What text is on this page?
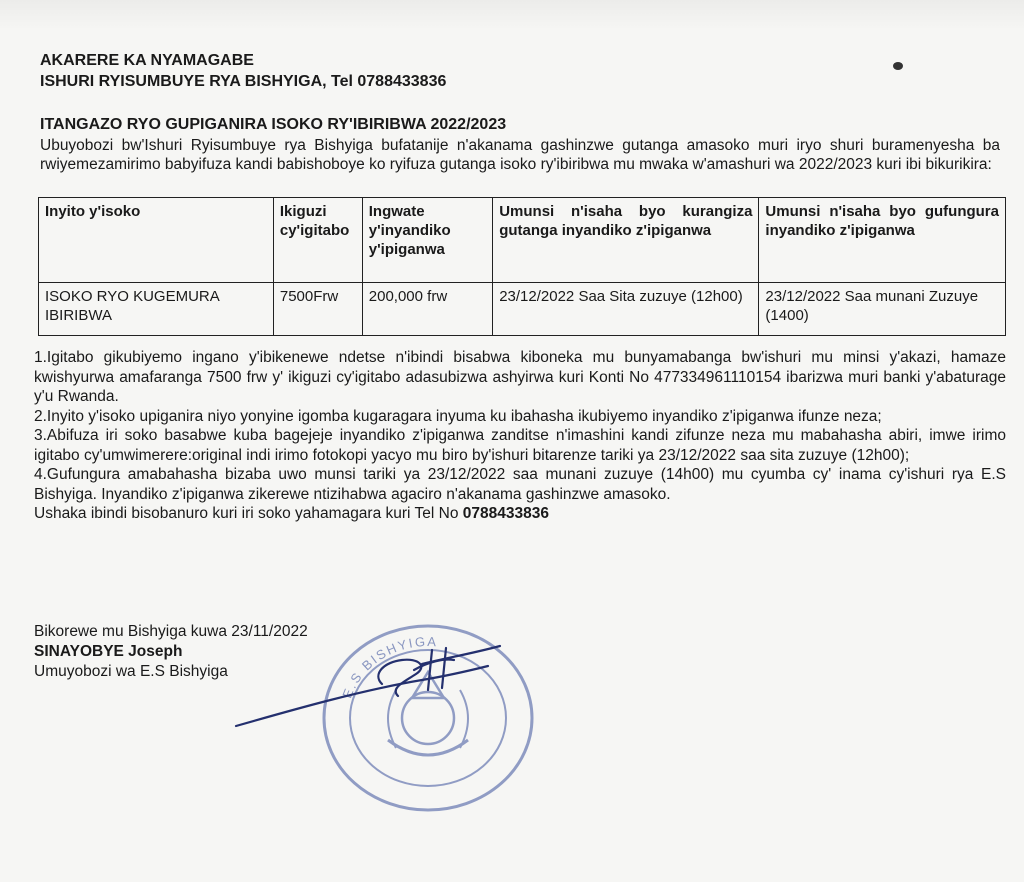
AKARERE KA NYAMAGABE
ISHURI RYISUMBUYE RYA BISHYIGA, Tel 0788433836
ITANGAZO RYO GUPIGANIRA ISOKO RY'IBIRIBWA 2022/2023
Ubuyobozi bw'Ishuri Ryisumbuye rya Bishyiga bufatanije n'akanama gashinzwe gutanga amasoko muri iryo shuri buramenyesha ba rwiyemezamirimo babyifuza kandi babishoboye ko ryifuza gutanga isoko ry'ibiribwa mu mwaka w'amashuri wa 2022/2023 kuri ibi bikurikira:
Inyito y'isoko	Ikiguzi cy'igitabo	Ingwate y'inyandiko y'ipiganwa	Umunsi n'isaha byo kurangiza gutanga inyandiko z'ipiganwa	Umunsi n'isaha byo gufungura inyandiko z'ipiganwa
ISOKO RYO KUGEMURA IBIRIBWA	7500Frw	200,000 frw	23/12/2022 Saa Sita zuzuye (12h00)	23/12/2022 Saa munani Zuzuye (1400)

1.Igitabo gikubiyemo ingano y'ibikenewe ndetse n'ibindi bisabwa kiboneka mu bunyamabanga bw'ishuri mu minsi y'akazi, hamaze kwishyurwa amafaranga 7500 frw y' ikiguzi cy'igitabo adasubizwa ashyirwa kuri Konti No 477334961110154 ibarizwa muri banki y'abaturage y'u Rwanda.

2.Inyito y'isoko upiganira niyo yonyine igomba kugaragara inyuma ku ibahasha ikubiyemo inyandiko z'ipiganwa ifunze neza;

3.Abifuza iri soko basabwe kuba bagejeje inyandiko z'ipiganwa zanditse n'imashini kandi zifunze neza mu mabahasha abiri, imwe irimo igitabo cy'umwimerere:original indi irimo fotokopi yacyo mu biro by'ishuri bitarenze tariki ya 23/12/2022 saa sita zuzuye (12h00);

4.Gufungura amabahasha bizaba uwo munsi tariki ya 23/12/2022 saa munani zuzuye (14h00) mu cyumba cy' inama cy'ishuri rya E.S Bishyiga. Inyandiko z'ipiganwa zikerewe ntizihabwa agaciro n'akanama gashinzwe amasoko.

Ushaka ibindi bisobanuro kuri iri soko yahamagara kuri Tel No 0788433836

Bikorewe mu Bishyiga kuwa 23/11/2022
SINAYOBYE Joseph
Umuyobozi wa E.S Bishyiga
E.S BISHYIGA
